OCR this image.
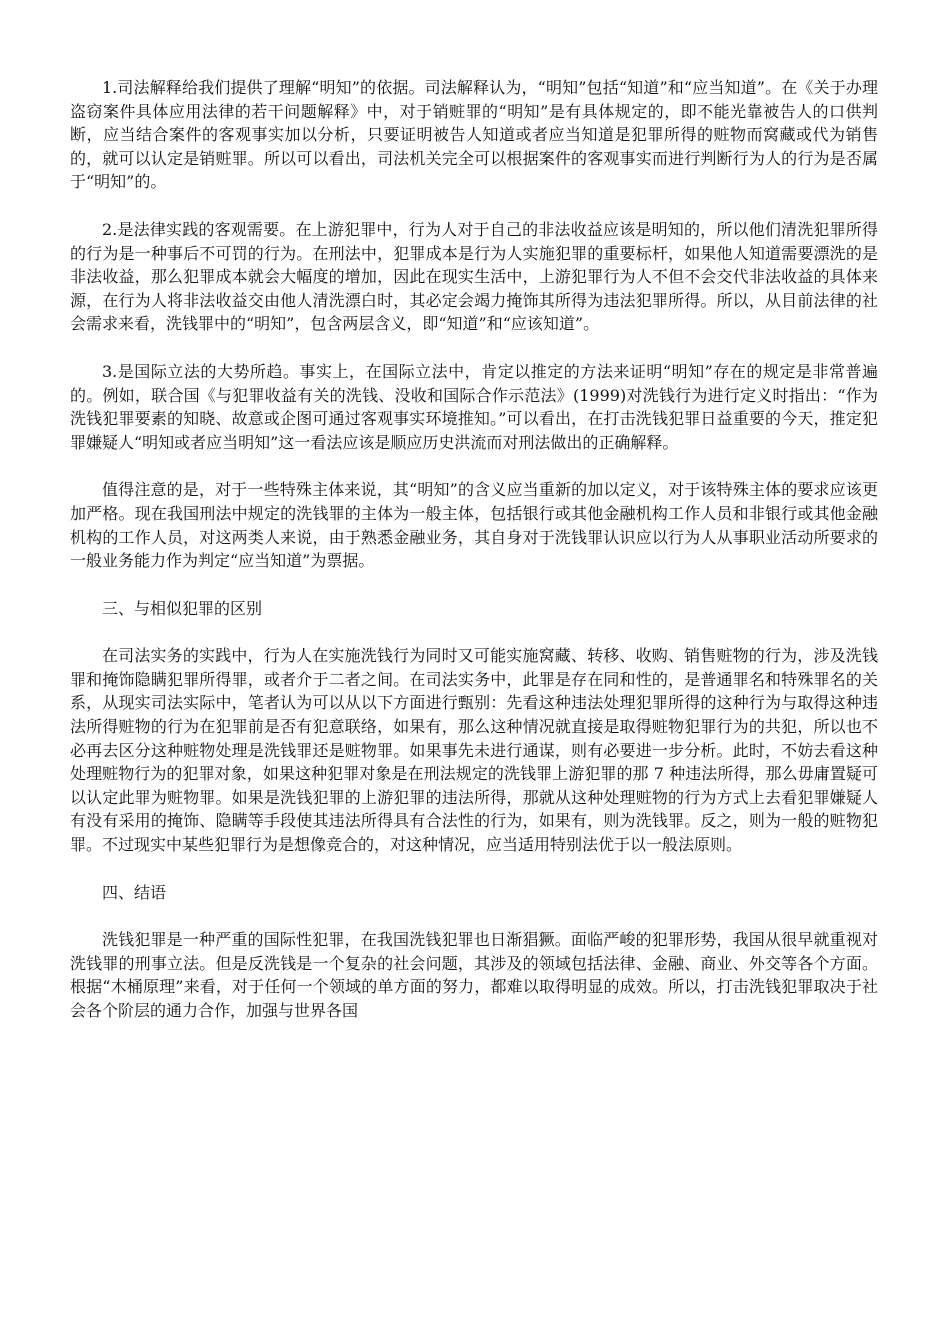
1.司法解释给我们提供了理解“明知”的依据。司法解释认为，“明知”包括“知道”和“应当知道”。在《关于办理盗窃案件具体应用法律的若干问题解释》中，对于销赃罪的“明知”是有具体规定的，即不能光靠被告人的口供判断，应当结合案件的客观事实加以分析，只要证明被告人知道或者应当知道是犯罪所得的赃物而窝藏或代为销售的，就可以认定是销赃罪。所以可以看出，司法机关完全可以根据案件的客观事实而进行判断行为人的行为是否属于“明知”的。

2.是法律实践的客观需要。在上游犯罪中，行为人对于自己的非法收益应该是明知的，所以他们清洗犯罪所得的行为是一种事后不可罚的行为。在刑法中，犯罪成本是行为人实施犯罪的重要标杆，如果他人知道需要漂洗的是非法收益，那么犯罪成本就会大幅度的增加，因此在现实生活中，上游犯罪行为人不但不会交代非法收益的具体来源，在行为人将非法收益交由他人清洗漂白时，其必定会竭力掩饰其所得为违法犯罪所得。所以，从目前法律的社会需求来看，洗钱罪中的“明知”，包含两层含义，即“知道”和“应该知道”。

3.是国际立法的大势所趋。事实上，在国际立法中，肯定以推定的方法来证明“明知”存在的规定是非常普遍的。例如，联合国《与犯罪收益有关的洗钱、没收和国际合作示范法》(1999)对洗钱行为进行定义时指出：“作为洗钱犯罪要素的知晓、故意或企图可通过客观事实环境推知。”可以看出，在打击洗钱犯罪日益重要的今天，推定犯罪嫌疑人“明知或者应当明知”这一看法应该是顺应历史洪流而对刑法做出的正确解释。

值得注意的是，对于一些特殊主体来说，其“明知”的含义应当重新的加以定义，对于该特殊主体的要求应该更加严格。现在我国刑法中规定的洗钱罪的主体为一般主体，包括银行或其他金融机构工作人员和非银行或其他金融机构的工作人员，对这两类人来说，由于熟悉金融业务，其自身对于洗钱罪认识应以行为人从事职业活动所要求的一般业务能力作为判定“应当知道”为票据。

三、与相似犯罪的区别

在司法实务的实践中，行为人在实施洗钱行为同时又可能实施窝藏、转移、收购、销售赃物的行为，涉及洗钱罪和掩饰隐瞒犯罪所得罪，或者介于二者之间。在司法实务中，此罪是存在同和性的，是普通罪名和特殊罪名的关系，从现实司法实际中，笔者认为可以从以下方面进行甄别：先看这种违法处理犯罪所得的这种行为与取得这种违法所得赃物的行为在犯罪前是否有犯意联络，如果有，那么这种情况就直接是取得赃物犯罪行为的共犯，所以也不必再去区分这种赃物处理是洗钱罪还是赃物罪。如果事先未进行通谋，则有必要进一步分析。此时，不妨去看这种处理赃物行为的犯罪对象，如果这种犯罪对象是在刑法规定的洗钱罪上游犯罪的那 7 种违法所得，那么毋庸置疑可以认定此罪为赃物罪。如果是洗钱犯罪的上游犯罪的违法所得，那就从这种处理赃物的行为方式上去看犯罪嫌疑人有没有采用的掩饰、隐瞒等手段使其违法所得具有合法性的行为，如果有，则为洗钱罪。反之，则为一般的赃物犯罪。不过现实中某些犯罪行为是想像竞合的，对这种情况，应当适用特别法优于以一般法原则。

四、结语

洗钱犯罪是一种严重的国际性犯罪，在我国洗钱犯罪也日渐猖獗。面临严峻的犯罪形势，我国从很早就重视对洗钱罪的刑事立法。但是反洗钱是一个复杂的社会问题，其涉及的领域包括法律、金融、商业、外交等各个方面。根据“木桶原理”来看，对于任何一个领域的单方面的努力，都难以取得明显的成效。所以，打击洗钱犯罪取决于社会各个阶层的通力合作，加强与世界各国
